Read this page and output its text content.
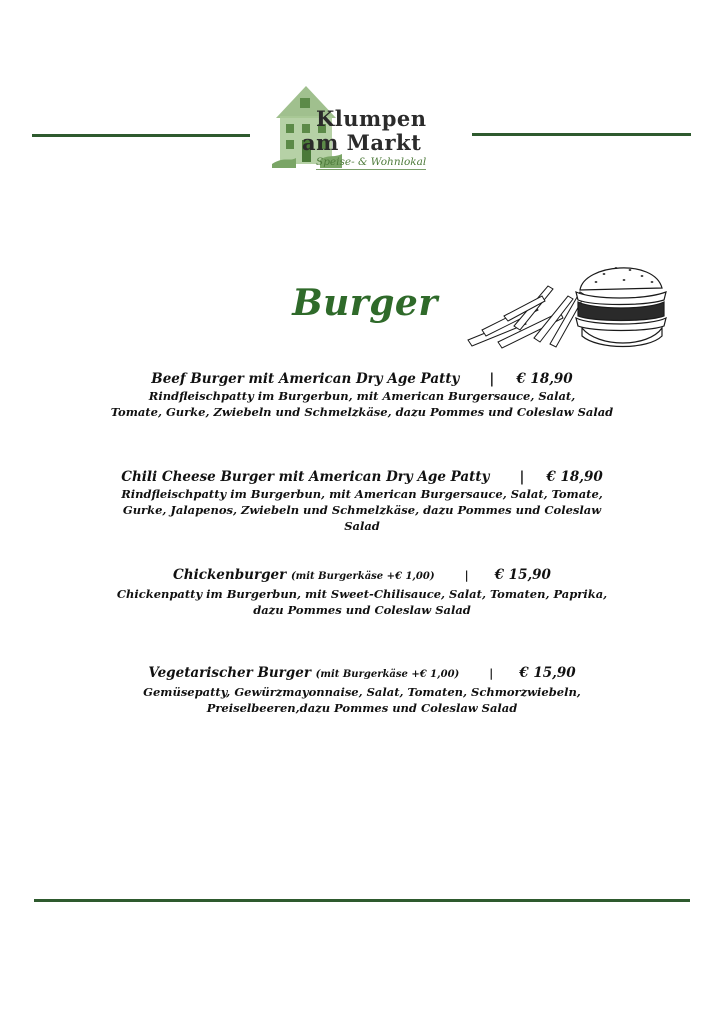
Klumpen
am Markt
Speise- & Wohnlokal
Burger
Beef Burger mit American Dry Age Patty | € 18,90
Rindfleischpatty im Burgerbun, mit American Burgersauce, Salat,
Tomate, Gurke, Zwiebeln und Schmelzkäse, dazu Pommes und Coleslaw Salad
Chili Cheese Burger mit American Dry Age Patty | € 18,90
Rindfleischpatty im Burgerbun, mit American Burgersauce, Salat, Tomate,
Gurke, Jalapenos, Zwiebeln und Schmelzkäse, dazu Pommes und Coleslaw Salad
Chickenburger (mit Burgerkäse +€ 1,00)	| € 15,90
Chickenpatty im Burgerbun, mit Sweet-Chilisauce, Salat, Tomaten, Paprika,
dazu Pommes und Coleslaw Salad
Vegetarischer Burger (mit Burgerkäse +€ 1,00)	| € 15,90
Gemüsepatty, Gewürzmayonnaise, Salat, Tomaten, Schmorzwiebeln,
Preiselbeeren,dazu Pommes und Coleslaw Salad
